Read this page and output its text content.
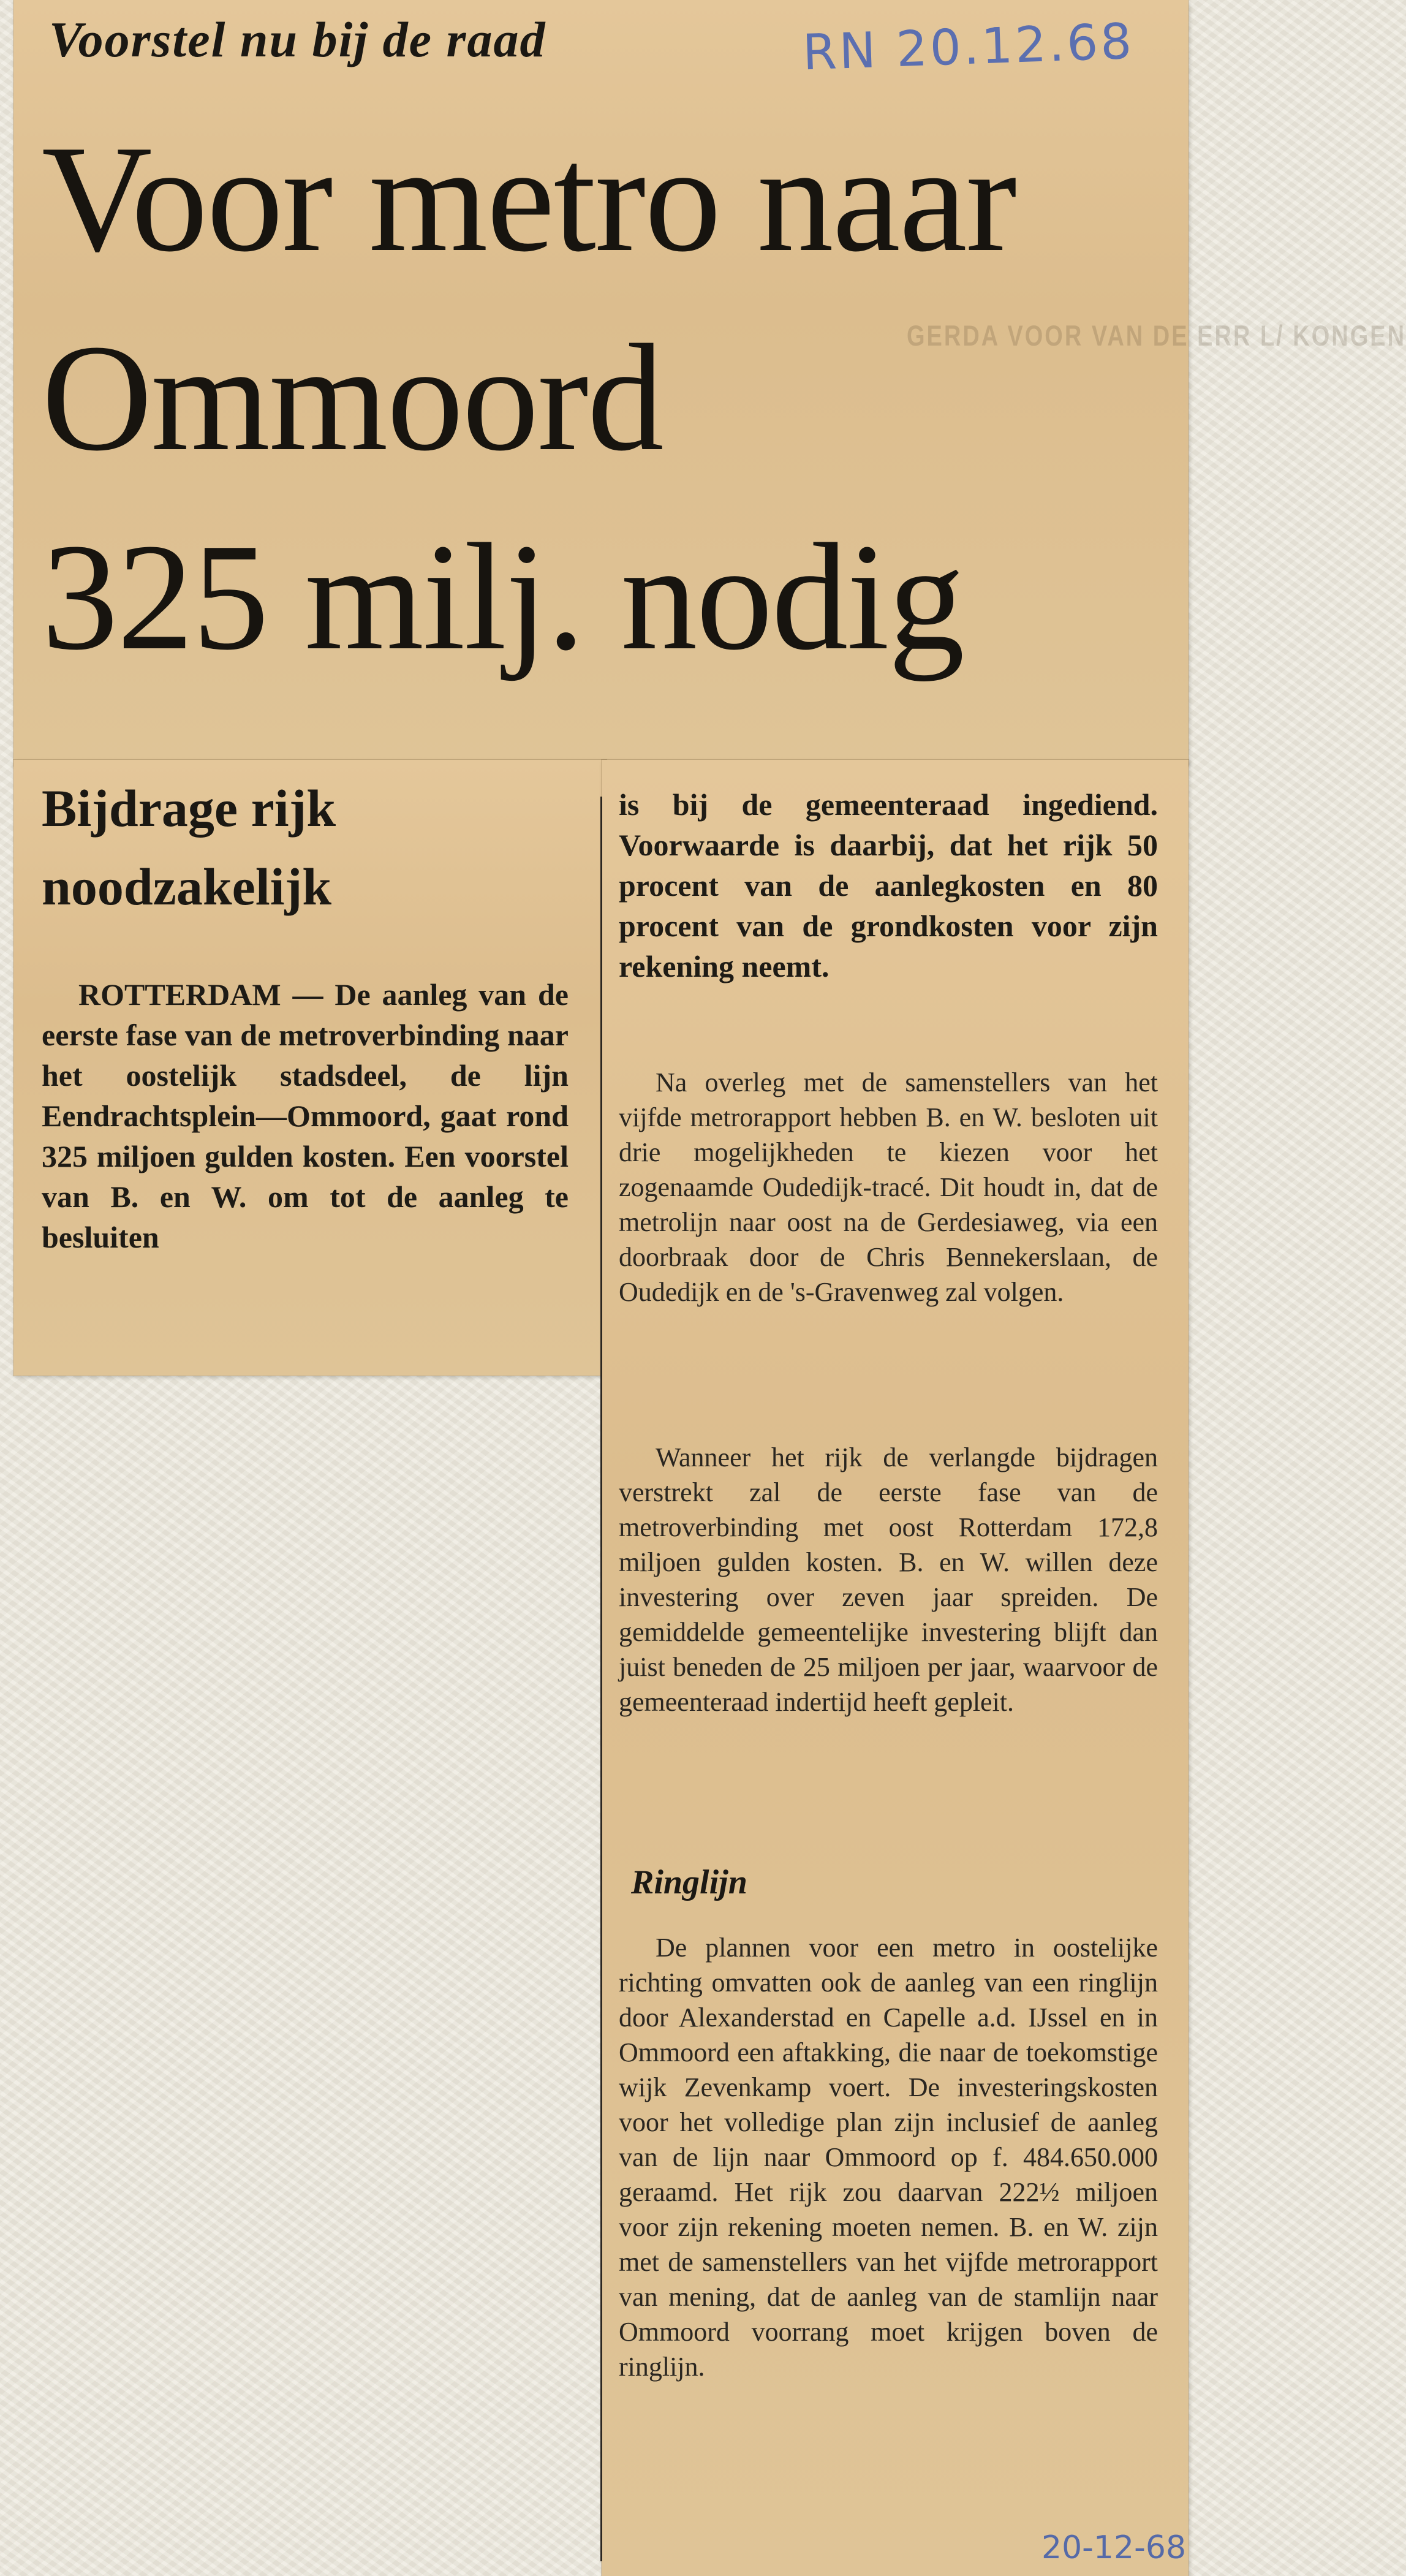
Voorstel nu bij de raad	RN 20.12.68

GERDA VOOR VAN DE ERR L/ KONGEN
Voor metro naar
Ommoord
325 milj. nodig
Bijdrage rijk noodzakelijk

ROTTERDAM — De aanleg van de eerste fase van de metroverbinding naar het oostelijk stadsdeel, de lijn Eendrachtsplein—Ommoord, gaat rond 325 miljoen gulden kosten. Een voorstel van B. en W. om tot de aanleg te besluiten

is bij de gemeenteraad ingediend. Voorwaarde is daarbij, dat het rijk 50 procent van de aanlegkosten en 80 procent van de grondkosten voor zijn rekening neemt.

Na overleg met de samenstellers van het vijfde metrorapport hebben B. en W. besloten uit drie mogelijkheden te kiezen voor het zogenaamde Oudedijk-tracé. Dit houdt in, dat de metrolijn naar oost na de Gerdesiaweg, via een doorbraak door de Chris Bennekerslaan, de Oudedijk en de 's-Gravenweg zal volgen.

Wanneer het rijk de verlangde bijdragen verstrekt zal de eerste fase van de metroverbinding met oost Rotterdam 172,8 miljoen gulden kosten. B. en W. willen deze investering over zeven jaar spreiden. De gemiddelde gemeentelijke investering blijft dan juist beneden de 25 miljoen per jaar, waarvoor de gemeenteraad indertijd heeft gepleit.

Ringlijn

De plannen voor een metro in oostelijke richting omvatten ook de aanleg van een ringlijn door Alexanderstad en Capelle a.d. IJssel en in Ommoord een aftakking, die naar de toekomstige wijk Zevenkamp voert. De investeringskosten voor het volledige plan zijn inclusief de aanleg van de lijn naar Ommoord op f. 484.650.000 geraamd. Het rijk zou daarvan 222½ miljoen voor zijn rekening moeten nemen. B. en W. zijn met de samenstellers van het vijfde metrorapport van mening, dat de aanleg van de stamlijn naar Ommoord voorrang moet krijgen boven de ringlijn.

20-12-68
